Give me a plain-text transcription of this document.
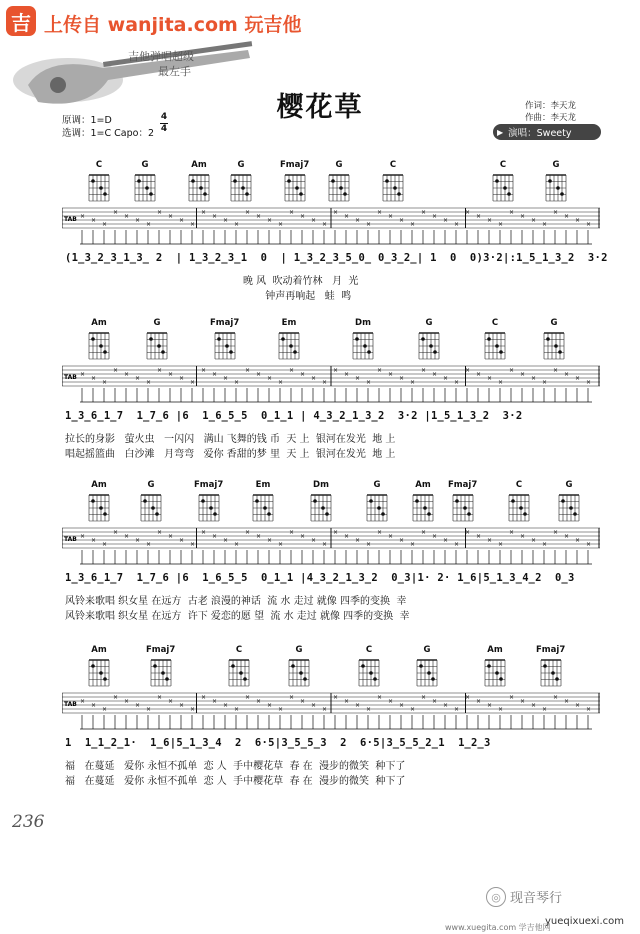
吉 上传自 wanjita.com 玩吉他
吉他弹唱超级
最左手
樱花草	作词：李天龙
作曲：李天龙
▶ 演唱：Sweety
原调：1=D
选调：1=C Capo：2
4
4
C	G	Am	G	Fmaj7	G	C	C	G
TAB ×
×
×
×
×
×
×
×
×
×
×
×
×
×
×
×
×
×
×
×
×
×
×
×
×
×
×
×
×
×
×
×
×
×
×
×
×
×
×
×
×
×
×
×
×
×
×
(1̲3̲2̲3̲1̲3̲ 2  | 1̲3̲2̲3̲1  0  | 1̲3̲2̲3̲5̲0̲ 0̲3̲2̲| 1  0  0)3·2|:1̲5̲1̲3̲2  3·2
晚 风  吹动着竹林   月  光
钟声再响起   蛙  鸣
Am	G	Fmaj7	Em	Dm	G	C	G
TAB ×
×
×
×
×
×
×
×
×
×
×
×
×
×
×
×
×
×
×
×
×
×
×
×
×
×
×
×
×
×
×
×
×
×
×
×
×
×
×
×
×
×
×
×
×
×
×
1̲3̲6̲1̲7  1̲7̲6 |6  1̲6̲5̲5  0̲1̲1 | 4̲3̲2̲1̲3̲2  3·2 |1̲5̲1̲3̲2  3·2
拉长的身影   萤火虫   一闪闪   满山 飞舞的钱 币  天 上  银河在发光  地 上
唱起摇篮曲   白沙滩   月弯弯   爱你 香甜的梦 里  天 上  银河在发光  地 上
Am	G	Fmaj7	Em	Dm	G	Am	Fmaj7	C	G
TAB ×
×
×
×
×
×
×
×
×
×
×
×
×
×
×
×
×
×
×
×
×
×
×
×
×
×
×
×
×
×
×
×
×
×
×
×
×
×
×
×
×
×
×
×
×
×
×
1̲3̲6̲1̲7  1̲7̲6 |6  1̲6̲5̲5  0̲1̲1 |4̲3̲2̲1̲3̲2  0̲3|1· 2· 1̲6|5̲1̲3̲4̲2  0̲3
风铃来歌唱 织女星 在远方  古老 浪漫的神话  流 水 走过 就像 四季的变换  幸
风铃来歌唱 织女星 在远方  许下 爱恋的愿 望  流 水 走过 就像 四季的变换  幸
Am	Fmaj7	C	G	C	G	Am	Fmaj7
TAB ×
×
×
×
×
×
×
×
×
×
×
×
×
×
×
×
×
×
×
×
×
×
×
×
×
×
×
×
×
×
×
×
×
×
×
×
×
×
×
×
×
×
×
×
×
×
×
1  1̲1̲2̲1·  1̲6|5̲1̲3̲4  2  6·5|3̲5̲5̲3  2  6·5|3̲5̲5̲2̲1  1̲2̲3
福   在蔓延   爱你 永恒不孤单  恋 人  手中樱花草  春 在  漫步的微笑  种下了
福   在蔓延   爱你 永恒不孤单  恋 人  手中樱花草  春 在  漫步的微笑  种下了
236
◎ 现音琴行
yueqixuexi.com
www.xuegita.com 学吉他网
